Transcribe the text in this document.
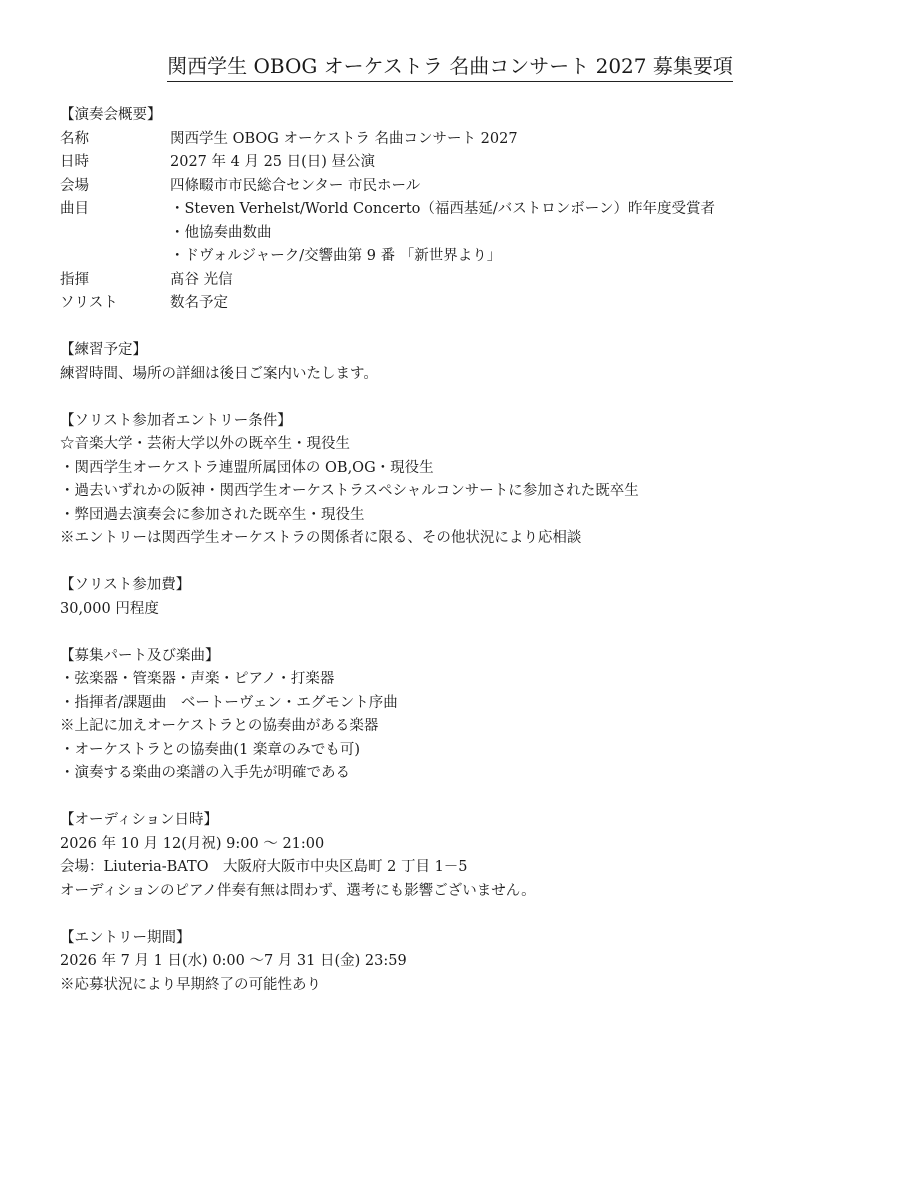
関西学生 OBOG オーケストラ 名曲コンサート 2027 募集要項

【演奏会概要】

名称	関西学生 OBOG オーケストラ 名曲コンサート 2027
日時	2027 年 4 月 25 日(日) 昼公演
会場	四條畷市市民総合センター 市民ホール
曲目	・Steven Verhelst/World Concerto（福西基延/バストロンボーン）昨年度受賞者
・他協奏曲数曲
・ドヴォルジャーク/交響曲第 9 番 「新世界より」
指揮	髙谷 光信
ソリスト	数名予定

【練習予定】

練習時間、場所の詳細は後日ご案内いたします。

【ソリスト参加者エントリー条件】

☆音楽大学・芸術大学以外の既卒生・現役生

・関西学生オーケストラ連盟所属団体の OB,OG・現役生

・過去いずれかの阪神・関西学生オーケストラスペシャルコンサートに参加された既卒生

・弊団過去演奏会に参加された既卒生・現役生

※エントリーは関西学生オーケストラの関係者に限る、その他状況により応相談

【ソリスト参加費】

30,000 円程度

【募集パート及び楽曲】

・弦楽器・管楽器・声楽・ピアノ・打楽器

・指揮者/課題曲　ベートーヴェン・エグモント序曲

※上記に加えオーケストラとの協奏曲がある楽器

・オーケストラとの協奏曲(1 楽章のみでも可)

・演奏する楽曲の楽譜の入手先が明確である

【オーディション日時】

2026 年 10 月 12(月祝) 9:00 ～ 21:00

会場：Liuteria-BATO　大阪府大阪市中央区島町 2 丁目 1－5

オーディションのピアノ伴奏有無は問わず、選考にも影響ございません。

【エントリー期間】

2026 年 7 月 1 日(水) 0:00 ～7 月 31 日(金) 23:59

※応募状況により早期終了の可能性あり
